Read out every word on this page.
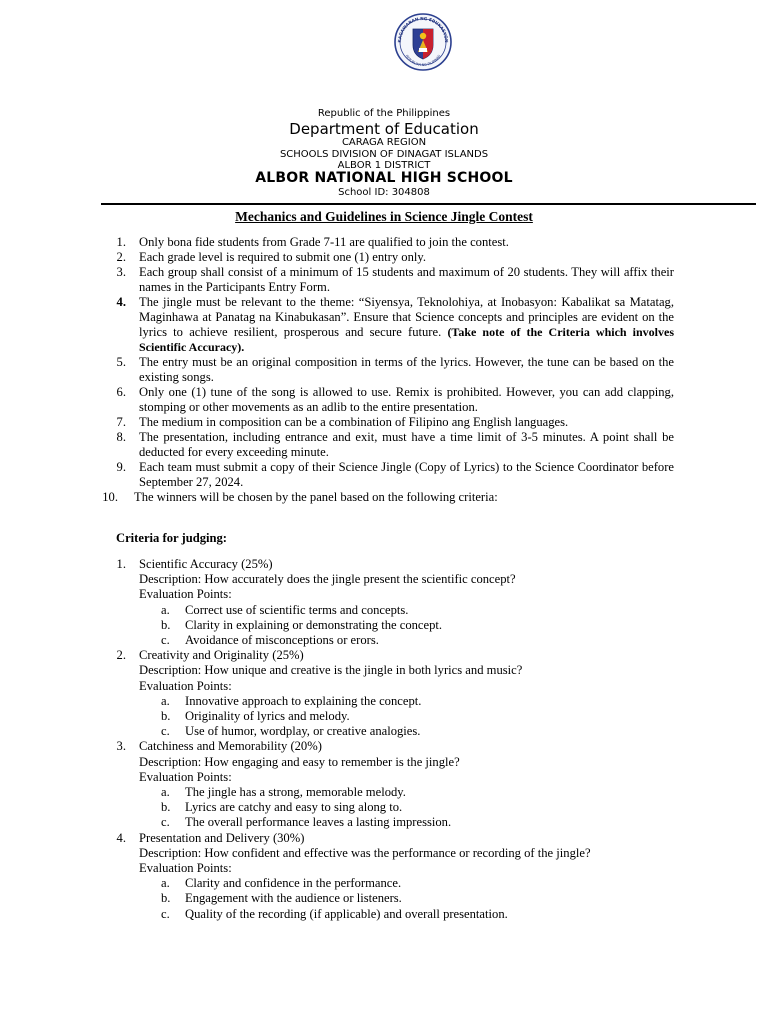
KAGAWARAN NG EDUKASYON
REPUBLIKA NG PILIPINAS
Republic of the Philippines
Department of Education
CARAGA REGION
SCHOOLS DIVISION OF DINAGAT ISLANDS
ALBOR 1 DISTRICT
ALBOR NATIONAL HIGH SCHOOL
School ID: 304808
Mechanics and Guidelines in Science Jingle Contest
1. Only bona fide students from Grade 7-11 are qualified to join the contest.
2. Each grade level is required to submit one (1) entry only.
3. Each group shall consist of a minimum of 15 students and maximum of 20 students. They will affix their names in the Participants Entry Form.
4. The jingle must be relevant to the theme: “Siyensya, Teknolohiya, at Inobasyon: Kabalikat sa Matatag, Maginhawa at Panatag na Kinabukasan”. Ensure that Science concepts and principles are evident on the lyrics to achieve resilient, prosperous and secure future. (Take note of the Criteria which involves Scientific Accuracy).
5. The entry must be an original composition in terms of the lyrics. However, the tune can be based on the existing songs.
6. Only one (1) tune of the song is allowed to use. Remix is prohibited. However, you can add clapping, stomping or other movements as an adlib to the entire presentation.
7. The medium in composition can be a combination of Filipino ang English languages.
8. The presentation, including entrance and exit, must have a time limit of 3-5 minutes. A point shall be deducted for every exceeding minute.
9. Each team must submit a copy of their Science Jingle (Copy of Lyrics) to the Science Coordinator before September 27, 2024.
10. The winners will be chosen by the panel based on the following criteria:
Criteria for judging:
1. Scientific Accuracy (25%)
Description: How accurately does the jingle present the scientific concept?
Evaluation Points:
a.	Correct use of scientific terms and concepts.
b.	Clarity in explaining or demonstrating the concept.
c.	Avoidance of misconceptions or erors.
2. Creativity and Originality (25%)
Description: How unique and creative is the jingle in both lyrics and music?
Evaluation Points:
a.	Innovative approach to explaining the concept.
b.	Originality of lyrics and melody.
c.	Use of humor, wordplay, or creative analogies.
3. Catchiness and Memorability (20%)
Description: How engaging and easy to remember is the jingle?
Evaluation Points:
a.	The jingle has a strong, memorable melody.
b.	Lyrics are catchy and easy to sing along to.
c.	The overall performance leaves a lasting impression.
4. Presentation and Delivery (30%)
Description: How confident and effective was the performance or recording of the jingle?
Evaluation Points:
a.	Clarity and confidence in the performance.
b.	Engagement with the audience or listeners.
c.	Quality of the recording (if applicable) and overall presentation.
